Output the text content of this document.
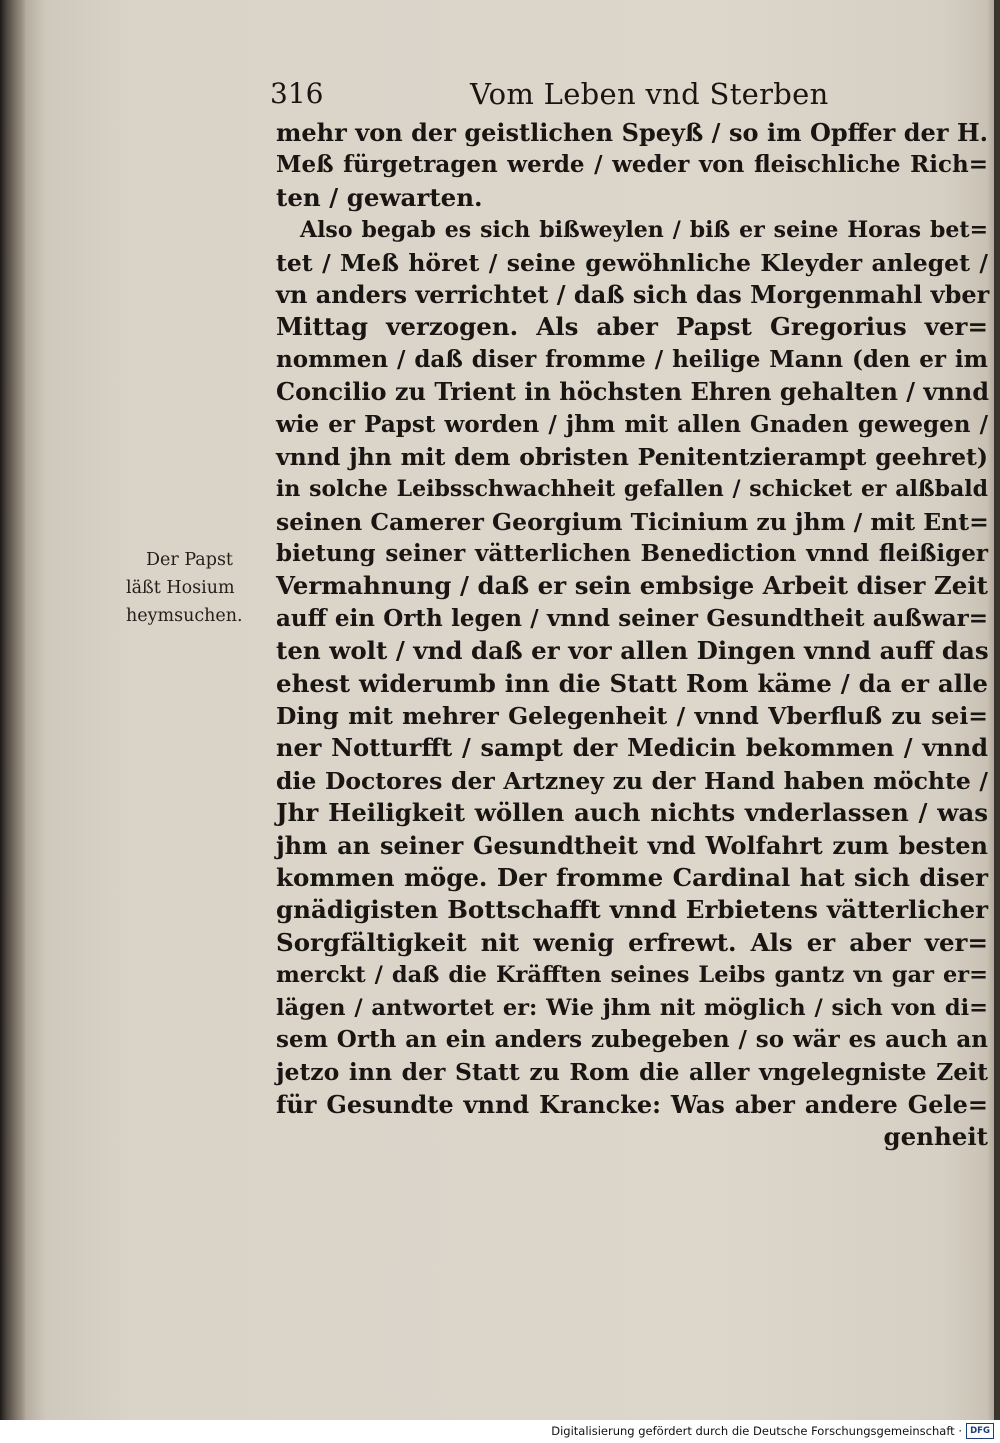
316	Vom Leben vnd Sterben
Der Papst
läßt Hosium
heymsuchen.
mehr von der geistlichen Speyß / so im Opffer der H.
Meß fürgetragen werde / weder von fleischliche Rich=
ten / gewarten.
Also begab es sich bißweylen / biß er seine Horas bet=
tet / Meß höret / seine gewöhnliche Kleyder anleget /
vn anders verrichtet / daß sich das Morgenmahl vber
Mittag verzogen. Als aber Papst Gregorius ver=
nommen / daß diser fromme / heilige Mann (den er im
Concilio zu Trient in höchsten Ehren gehalten / vnnd
wie er Papst worden / jhm mit allen Gnaden gewegen /
vnnd jhn mit dem obristen Penitentzierampt geehret)
in solche Leibsschwachheit gefallen / schicket er alßbald
seinen Camerer Georgium Ticinium zu jhm / mit Ent=
bietung seiner vätterlichen Benediction vnnd fleißiger
Vermahnung / daß er sein embsige Arbeit diser Zeit
auff ein Orth legen / vnnd seiner Gesundtheit außwar=
ten wolt / vnd daß er vor allen Dingen vnnd auff das
ehest widerumb inn die Statt Rom käme / da er alle
Ding mit mehrer Gelegenheit / vnnd Vberfluß zu sei=
ner Notturfft / sampt der Medicin bekommen / vnnd
die Doctores der Artzney zu der Hand haben möchte /
Jhr Heiligkeit wöllen auch nichts vnderlassen / was
jhm an seiner Gesundtheit vnd Wolfahrt zum besten
kommen möge. Der fromme Cardinal hat sich diser
gnädigisten Bottschafft vnnd Erbietens vätterlicher
Sorgfältigkeit nit wenig erfrewt. Als er aber ver=
merckt / daß die Kräfften seines Leibs gantz vn gar er=
lägen / antwortet er: Wie jhm nit möglich / sich von di=
sem Orth an ein anders zubegeben / so wär es auch an
jetzo inn der Statt zu Rom die aller vngelegniste Zeit
für Gesundte vnnd Krancke: Was aber andere Gele=
genheit
Digitalisierung gefördert durch die Deutsche Forschungsgemeinschaft · DFG
